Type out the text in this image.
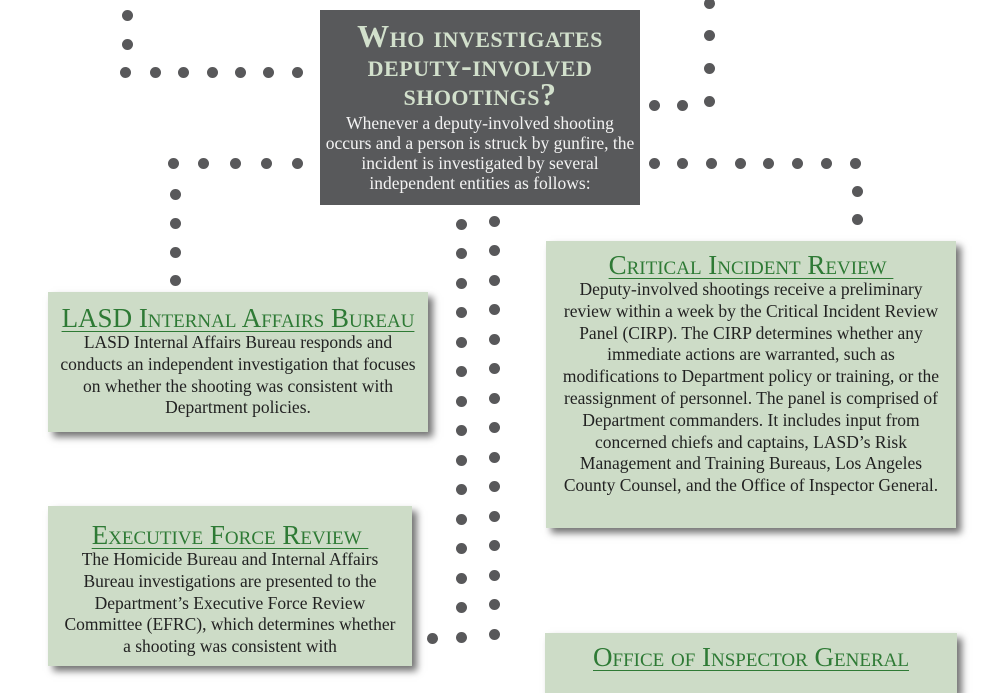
Who investigates deputy-involved shootings?
Whenever a deputy-involved shooting occurs and a person is struck by gunfire, the incident is investigated by several independent entities as follows:
LASD Internal Affairs Bureau
LASD Internal Affairs Bureau responds and conducts an independent investigation that focuses on whether the shooting was consistent with Department policies.
Critical Incident Review
Deputy-involved shootings receive a preliminary review within a week by the Critical Incident Review Panel (CIRP). The CIRP determines whether any immediate actions are warranted, such as modifications to Department policy or training, or the reassignment of personnel. The panel is comprised of Department commanders. It includes input from concerned chiefs and captains, LASD’s Risk Management and Training Bureaus, Los Angeles County Counsel, and the Office of Inspector General.
Executive Force Review
The Homicide Bureau and Internal Affairs Bureau investigations are presented to the Department’s Executive Force Review Committee (EFRC), which determines whether a shooting was consistent with	Office of Inspector General
